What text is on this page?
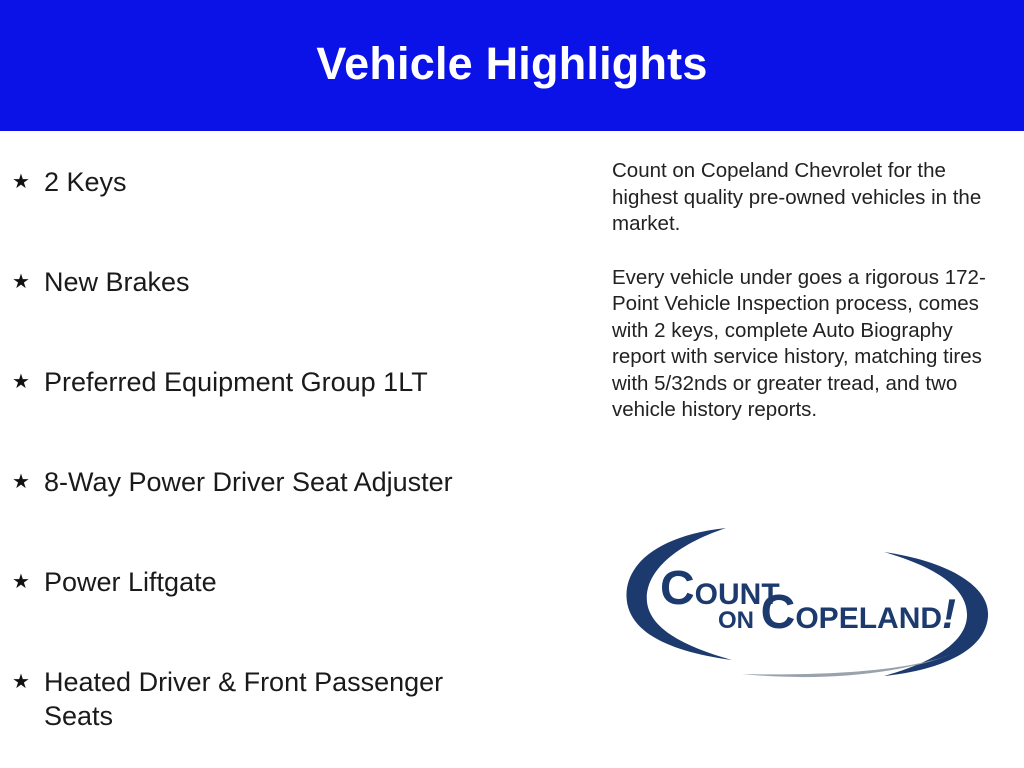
Vehicle Highlights
★ 2 Keys
★ New Brakes
★ Preferred Equipment Group 1LT
★ 8-Way Power Driver Seat Adjuster
★ Power Liftgate
★ Heated Driver & Front Passenger Seats

Count on Copeland Chevrolet for the highest quality pre-owned vehicles in the market.

Every vehicle under goes a rigorous 172-Point Vehicle Inspection process, comes with 2 keys, complete Auto Biography report with service history, matching tires with 5/32nds or greater tread, and two vehicle history reports.

COUNT
ON COPELAND!
